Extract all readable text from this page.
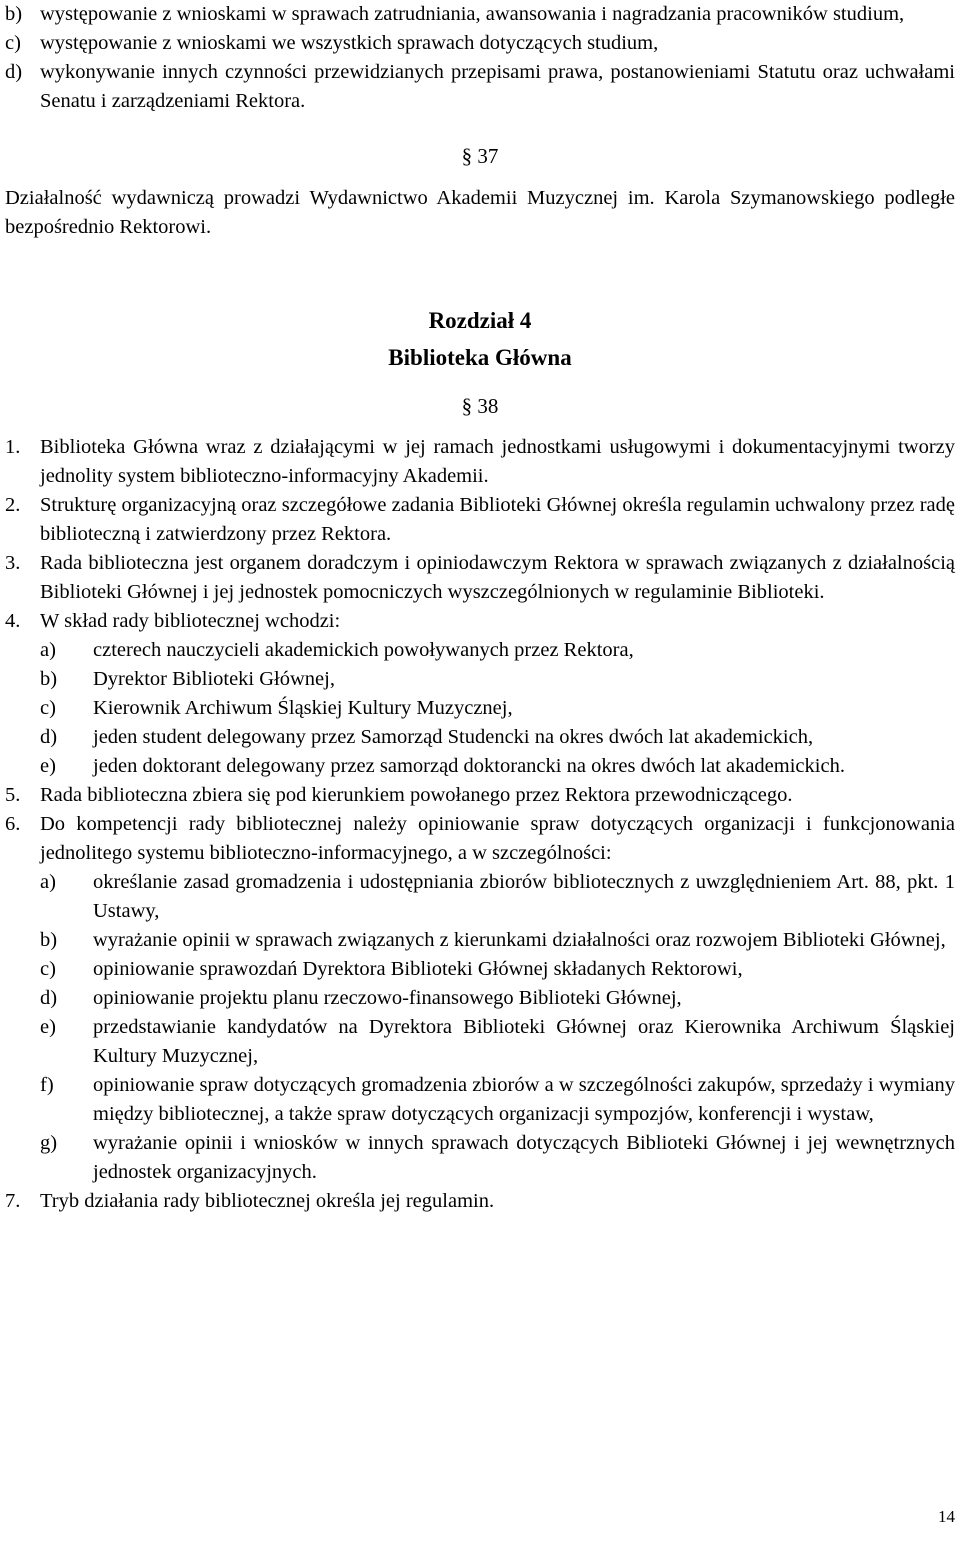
b) występowanie z wnioskami w sprawach zatrudniania, awansowania i nagradzania pracowników studium,
c) występowanie z wnioskami we wszystkich sprawach dotyczących studium,
d) wykonywanie innych czynności przewidzianych przepisami prawa, postanowieniami Statutu oraz uchwałami Senatu i zarządzeniami Rektora.
§ 37
Działalność wydawniczą prowadzi Wydawnictwo Akademii Muzycznej im. Karola Szymanowskiego podległe bezpośrednio Rektorowi.
Rozdział 4
Biblioteka Główna
§ 38
1. Biblioteka Główna wraz z działającymi w jej ramach jednostkami usługowymi i dokumentacyjnymi tworzy jednolity system biblioteczno-informacyjny Akademii.
2. Strukturę organizacyjną oraz szczegółowe zadania Biblioteki Głównej określa regulamin uchwalony przez radę biblioteczną i zatwierdzony przez Rektora.
3. Rada biblioteczna jest organem doradczym i opiniodawczym Rektora w sprawach związanych z działalnością Biblioteki Głównej i jej jednostek pomocniczych wyszczególnionych w regulaminie Biblioteki.
4. W skład rady bibliotecznej wchodzi:
a)	czterech nauczycieli akademickich powoływanych przez Rektora,
b)	Dyrektor Biblioteki Głównej,
c)	Kierownik Archiwum Śląskiej Kultury Muzycznej,
d)	jeden student delegowany przez Samorząd Studencki na okres dwóch lat akademickich,
e)	jeden doktorant delegowany przez samorząd doktorancki na okres dwóch lat akademickich.
5. Rada biblioteczna zbiera się pod kierunkiem powołanego przez Rektora przewodniczącego.
6. Do kompetencji rady bibliotecznej należy opiniowanie spraw dotyczących organizacji i funkcjonowania jednolitego systemu biblioteczno-informacyjnego, a w szczególności:
a)	określanie zasad gromadzenia i udostępniania zbiorów bibliotecznych z uwzględnieniem Art. 88, pkt. 1 Ustawy,
b)	wyrażanie opinii w sprawach związanych z kierunkami działalności oraz rozwojem Biblioteki Głównej,
c)	opiniowanie sprawozdań Dyrektora Biblioteki Głównej składanych Rektorowi,
d)	opiniowanie projektu planu rzeczowo-finansowego Biblioteki Głównej,
e)	przedstawianie kandydatów na Dyrektora Biblioteki Głównej oraz Kierownika Archiwum Śląskiej Kultury Muzycznej,
f)	opiniowanie spraw dotyczących gromadzenia zbiorów a w szczególności zakupów, sprzedaży i wymiany między bibliotecznej, a także spraw dotyczących organizacji sympozjów, konferencji i wystaw,
g)	wyrażanie opinii i wniosków w innych sprawach dotyczących Biblioteki Głównej i jej wewnętrznych jednostek organizacyjnych.
7. Tryb działania rady bibliotecznej określa jej regulamin.
14
